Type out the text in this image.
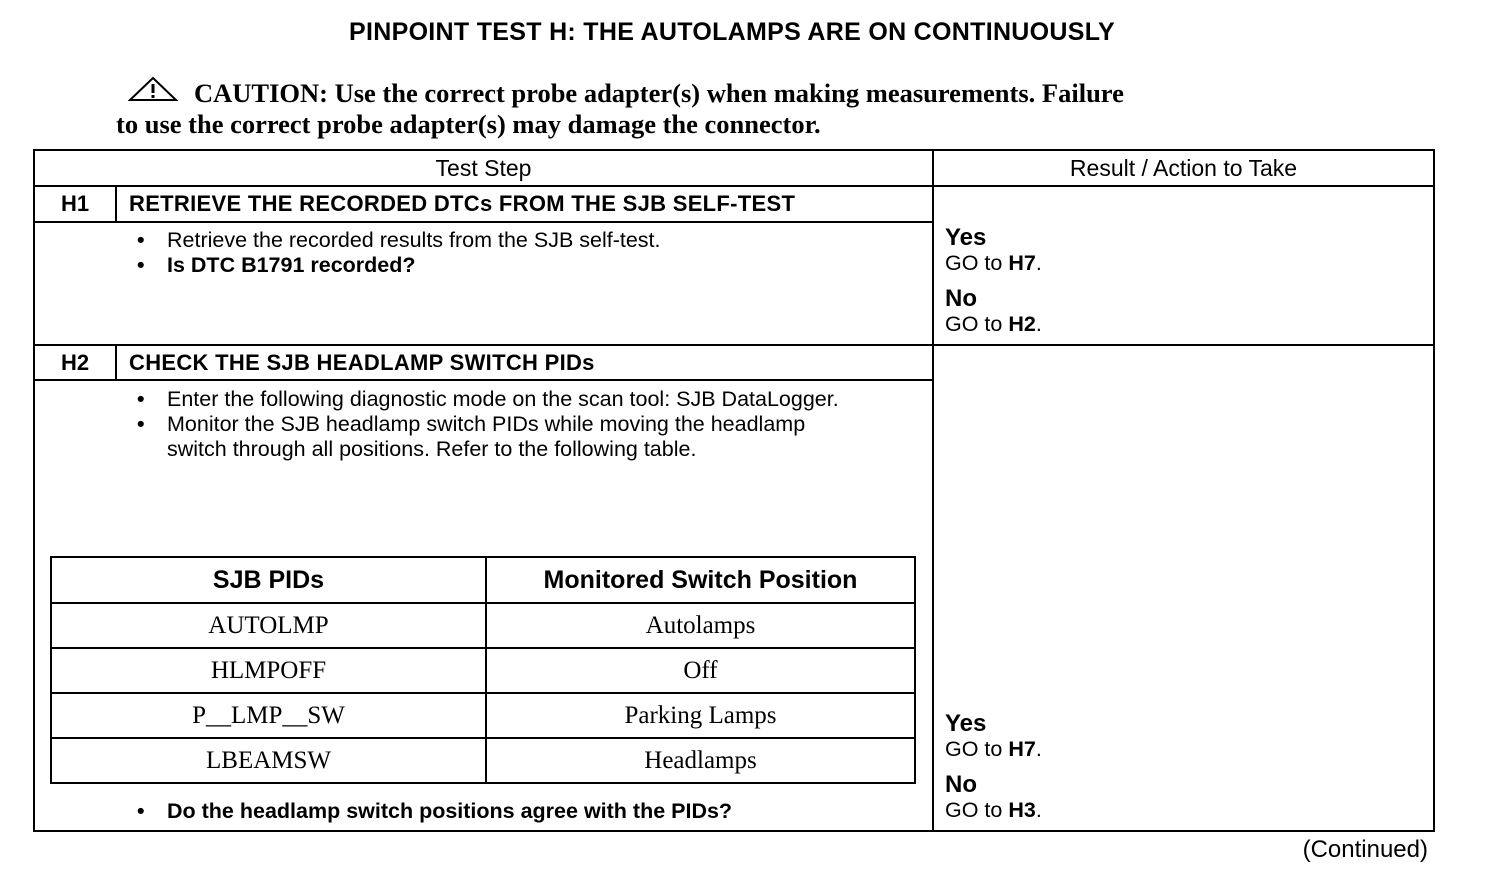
PINPOINT TEST H: THE AUTOLAMPS ARE ON CONTINUOUSLY
CAUTION: Use the correct probe adapter(s) when making measurements. Failure
to use the correct probe adapter(s) may damage the connector.
Test Step	Result / Action to Take
H1	RETRIEVE THE RECORDED DTCs FROM THE SJB SELF-TEST
• Retrieve the recorded results from the SJB self-test.
• Is DTC B1791 recorded?
Yes
GO to H7.
No
GO to H2.
H2	CHECK THE SJB HEADLAMP SWITCH PIDs
• Enter the following diagnostic mode on the scan tool: SJB DataLogger.
• Monitor the SJB headlamp switch PIDs while moving the headlamp switch through all positions. Refer to the following table.
SJB PIDs	Monitored Switch Position
AUTOLMP	Autolamps
HLMPOFF	Off
P__LMP__SW	Parking Lamps
LBEAMSW	Headlamps
• Do the headlamp switch positions agree with the PIDs?
Yes
GO to H7.
No
GO to H3.
(Continued)
